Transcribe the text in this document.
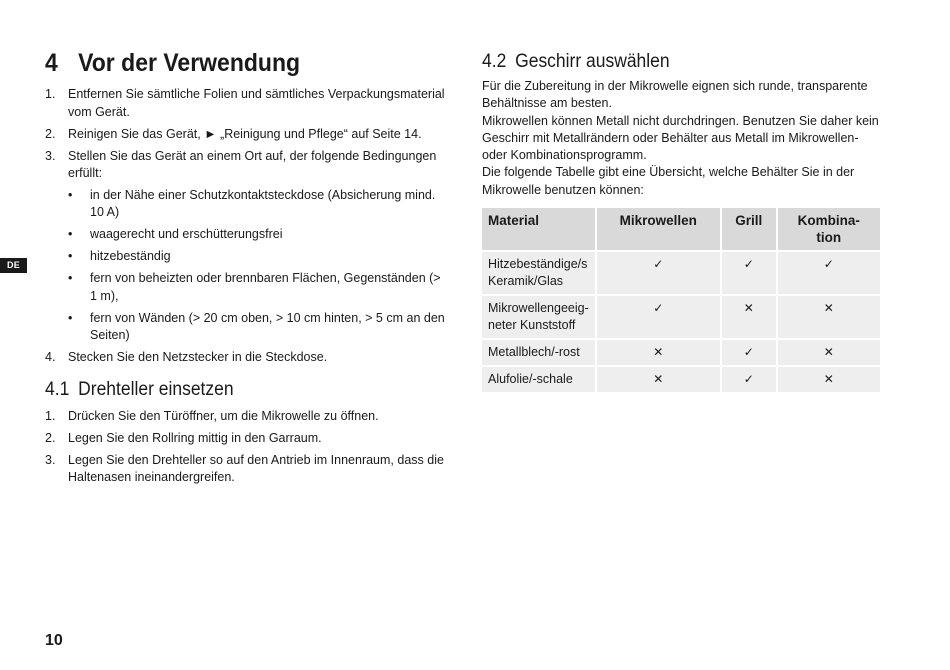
DE
4 Vor der Verwendung
1. Entfernen Sie sämtliche Folien und sämtliches Verpackungsmaterial vom Gerät.
2. Reinigen Sie das Gerät, ► „Reinigung und Pflege“ auf Seite 14.
3. Stellen Sie das Gerät an einem Ort auf, der folgende Bedingungen erfüllt:
• in der Nähe einer Schutzkontaktsteckdose (Absicherung mind. 10 A)
• waagerecht und erschütterungsfrei
• hitzebeständig
• fern von beheizten oder brennbaren Flächen, Gegenständen (> 1 m),
• fern von Wänden (> 20 cm oben, > 10 cm hinten, > 5 cm an den Seiten)
4. Stecken Sie den Netzstecker in die Steckdose.
4.1 Drehteller einsetzen
1. Drücken Sie den Türöffner, um die Mikrowelle zu öffnen.
2. Legen Sie den Rollring mittig in den Garraum.
3. Legen Sie den Drehteller so auf den Antrieb im Innenraum, dass die Haltenasen ineinandergreifen.
4.2 Geschirr auswählen

Für die Zubereitung in der Mikrowelle eignen sich runde, transparente Behältnisse am besten.

Mikrowellen können Metall nicht durchdringen. Benutzen Sie daher kein Geschirr mit Metallrändern oder Behälter aus Metall im Mikrowellen- oder Kombinationsprogramm.

Die folgende Tabelle gibt eine Übersicht, welche Behälter Sie in der Mikrowelle benutzen können:

Material	Mikrowellen	Grill	Kombina-
tion
Hitzebeständige/s Keramik/Glas	✓	✓	✓
Mikrowellengeeig-
neter Kunststoff	✓	✕	✕
Metallblech/-rost	✕	✓	✕
Alufolie/-schale	✕	✓	✕
10
